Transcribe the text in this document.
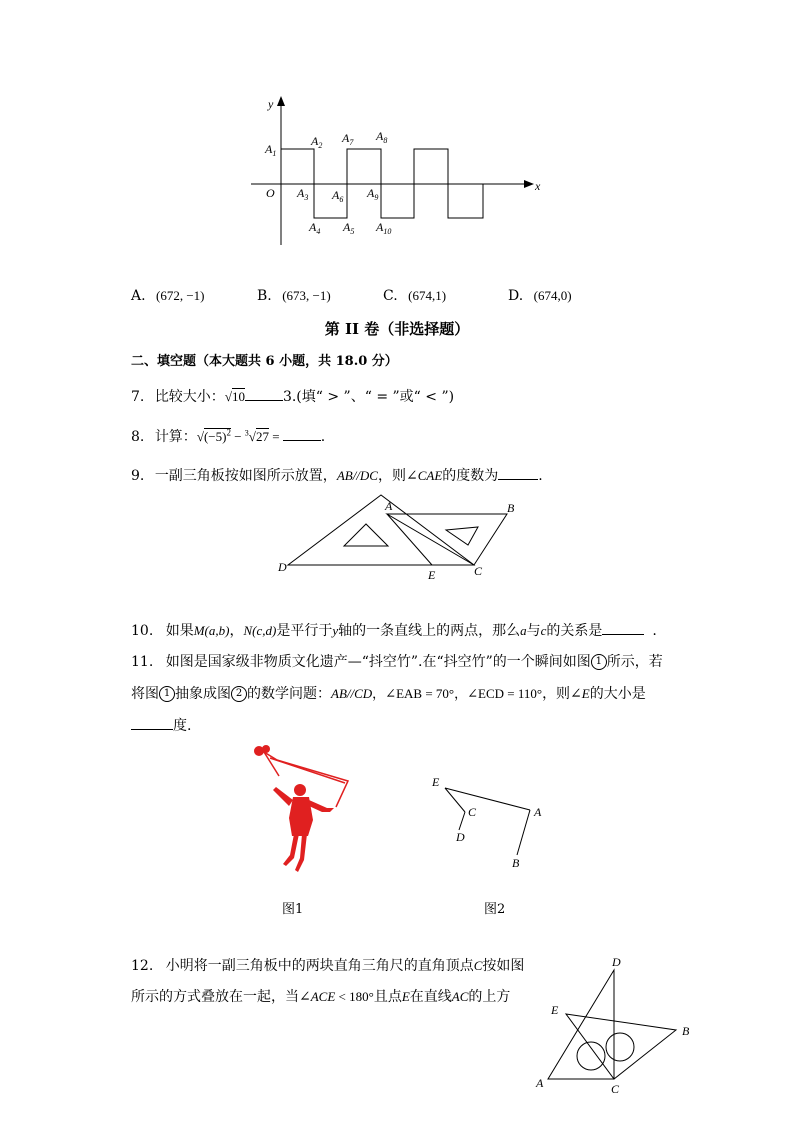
y
x
O
$A_1$
$A_2$
$A_3$
$A_4$ $A_5$
$A_6$
$A_7$ $A_8$
$A_9$
$A_{10}$
A. (672, −1)	B. (673, −1)	C. (674,1)	D. (674,0)
第 II 卷（非选择题）
二、填空题（本大题共 6 小题，共 18.0 分）
7. 比较大小：√10	3.(填“ > ”、“ = ”或“ < ”)
8. 计算：$√(-5)^2 - ^3√27$ =	.
9. 一副三角板按如图所示放置，AB//DC，则∠CAE的度数为	.
A	B
C
D
E
10. 如果M(a,b)，N(c,d)是平行于y轴的一条直线上的两点，那么a与c的关系是	.
11. 如图是国家级非物质文化遗产—“抖空竹”.在“抖空竹”的一个瞬间如图 1 所示，若
将图 1 抽象成图 2 的数学问题：AB//CD，∠EAB = 70°，∠ECD = 110°，则∠E的大小是
度.
图1
E
C	A
D
B
图2
12. 小明将一副三角板中的两块直角三角尺的直角顶点C按如图
所示的方式叠放在一起，当∠ACE < 180°且点E在直线AC的上方
D
E
B
A	C
